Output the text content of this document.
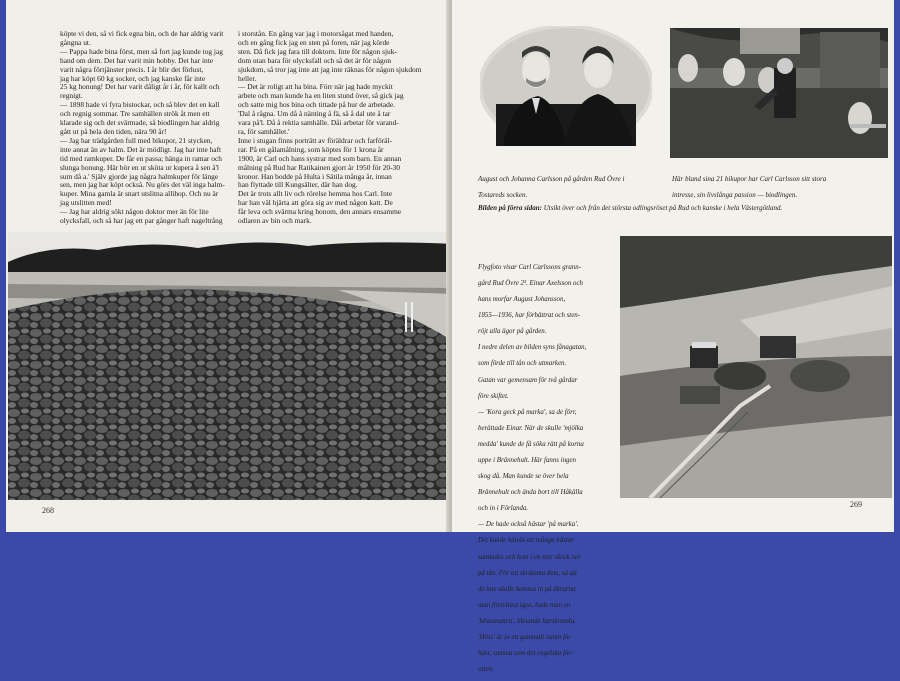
köpte vi den, så vi fick egna bin, och de har aldrig varit

gångna ut.

— Pappa hade bina först, men så fort jag kunde tog jag

hand om dem. Det har varit min hobby. Det har inte

varit några förtjänster precis. I år blir det förlust,

jag har köpt 60 kg socker, och jag kanske får inte

25 kg honung! Det har varit dåligt år i år, för kallt och

regnigt.

— 1898 hade vi fyra bistockar, och så blev det en kall

och regnig sommar. Tre samhällen strök åt men ett

klarade sig och det svärmade, så biodlingen har aldrig

gått ut på hela den tiden, nära 90 år!

— Jag har trädgården full med bikupor, 21 stycken,

inte annat än av halm. Det är mödligt. Jag har inte haft

tid med ramkuper. De får en passa; hänga in ramar och

slunga honung. Här bör en ut sköta ur kupera å sen å'l

sum då a.' Själv gjorde jag några halmkuper för länge

sen, men jag har köpt också. Nu görs det väl inga halm-

kuper. Mina gamla är snart utslitna allihop. Och nu är

jag utslitten med!

— Jag har aldrig sökt någon doktor mer än för lite

olycksfall, och så har jag ett par gånger haft nageltrång

i storstån. En gång var jag i motorsågat med handen,

och en gång fick jag en sten på foren, när jag körde

sten. Då fick jag fara till doktorn. Inte för någon sjuk-

dom utan bara för olycksfall och så det är för någon

sjukdom, så tror jag inte att jag inte räknas för någon sjukdom

heller.

— Det är roligt att ha bina. Förr när jag hade myckit

arbete och man kunde ha en liten stund över, så gick jag

och satte mig hos bina och tittade på hur de arbetade.

'Dal å rågna. Um då å nänting å fä, så å dal ute å tar

vara på'l. Då å rektia samhälle. Dåi arbetar för varand-

ra, för samhället.'

Inne i stugan finns porträtt av föräldrar och farföräl-

rar. På en gålamålning, som köptes för 1 krona år

1900, är Carl och hans systrar med som barn. En annan

målning på Rud har Ratikainen gjort år 1950 för 20-30

kronor. Han bodde på Hulta i Sätila många år, innan

han flyttade till Kungsälter, där han dog.

Det är trots allt liv och rörelse hemma hos Carl. Inte

har han väl hjärta att göra sig av med någon katt. De

får leva och svärma kring honom, den annars ensamme

odlaren av bin och mark.

268

August och Johanna Carlsson på gården Rud Övre i

Tostareds socken.

Här bland sina 21 bikupor har Carl Carlsson sitt stora

intresse, sin livslånga passion — biodlingen.

Bilden på förra sidan: Utsikt över och från det största odlingsröset på Rud och kanske i hela Västergötland.

Flygfoto visar Carl Carlssons grann-

gård Rud Övre 2². Einar Axelsson och

hans morfar August Johansson,

1855—1936, har förbättrat och sten-

röjt alla ägor på gården.

I nedre delen av bilden syns fånagatan,

som förde till tån och utmarken.

Gatan var gemensam för två gårdar

före skiftet.

— 'Kora geck på marka', sa de förr,

berättade Einar. När de skulle 'mjölka

medda' kunde de få söka rätt på korna

uppe i Brännehult. Här fanns ingen

skog då. Man kunde se över hela

Brännehult och ända bort till Håkälla

och in i Förlanda.

— De hade också hästar 'på marka'.

Det kunde hända att många hästar

samlades och kom i en stor skock ner

på tån. För att skrämma dem, så att

de inte skulle komma in på åkrarna

utan försvinna igen, hade man en

'höassnattra', liknande harskramla.

'Höss' är ju ett gammalt namn för

häst, samma som det engelska för-

esten.

269
